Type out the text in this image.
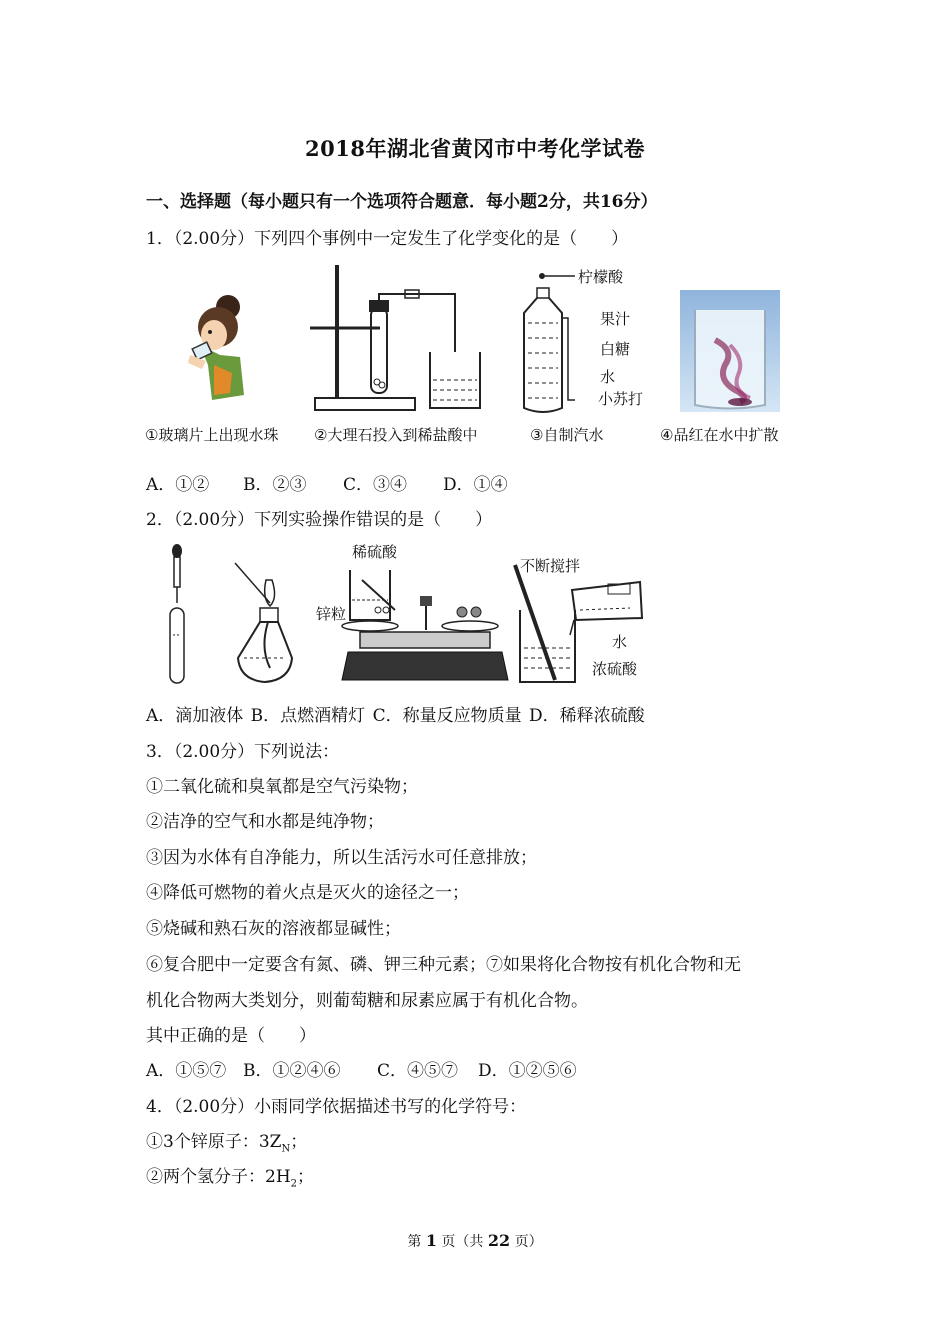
2018年湖北省黄冈市中考化学试卷
一、选择题（每小题只有一个选项符合题意．每小题2分，共16分）
1．（2.00分）下列四个事例中一定发生了化学变化的是（　　）
柠檬酸
果汁
白糖
水
小苏打
①玻璃片上出现水珠 ②大理石投入到稀盐酸中	③自制汽水	④品红在水中扩散
A．①② B．②③ C．③④ D．①④
2．（2.00分）下列实验操作错误的是（　　）
稀硫酸
锌粒
不断搅拌
水
浓硫酸
A．滴加液体 B．点燃酒精灯 C．称量反应物质量 D．稀释浓硫酸
3．（2.00分）下列说法：
①二氧化硫和臭氧都是空气污染物；
②洁净的空气和水都是纯净物；
③因为水体有自净能力，所以生活污水可任意排放；
④降低可燃物的着火点是灭火的途径之一；
⑤烧碱和熟石灰的溶液都显碱性；
⑥复合肥中一定要含有氮、磷、钾三种元素；⑦如果将化合物按有机化合物和无
机化合物两大类划分，则葡萄糖和尿素应属于有机化合物。
其中正确的是（　　）
A．①⑤⑦ B．①②④⑥ C．④⑤⑦ D．①②⑤⑥
4．（2.00分）小雨同学依据描述书写的化学符号：
①3个锌原子：$3Z_N$；
②两个氢分子：$2H_2$；
第 1 页（共 22 页）
